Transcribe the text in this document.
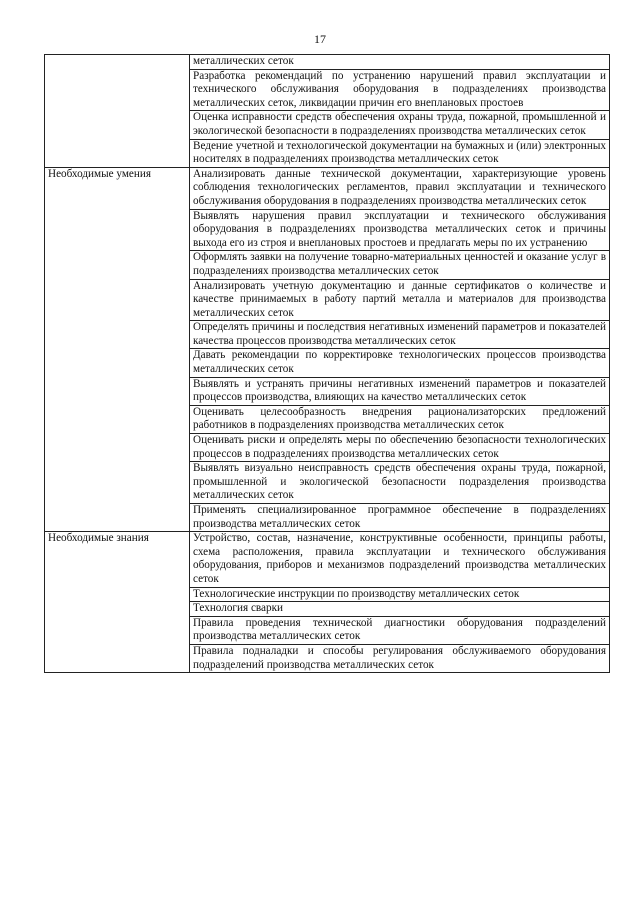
17
	металлических сеток
	Разработка рекомендаций по устранению нарушений правил эксплуатации и технического обслуживания оборудования в подразделениях производства металлических сеток, ликвидации причин его внеплановых простоев
	Оценка исправности средств обеспечения охраны труда, пожарной, промышленной и экологической безопасности в подразделениях производства металлических сеток
	Ведение учетной и технологической документации на бумажных и (или) электронных носителях в подразделениях производства металлических сеток
Необходимые умения	Анализировать данные технической документации, характеризующие уровень соблюдения технологических регламентов, правил эксплуатации и технического обслуживания оборудования в подразделениях производства металлических сеток
	Выявлять нарушения правил эксплуатации и технического обслуживания оборудования в подразделениях производства металлических сеток и причины выхода его из строя и внеплановых простоев и предлагать меры по их устранению
	Оформлять заявки на получение товарно-материальных ценностей и оказание услуг в подразделениях производства металлических сеток
	Анализировать учетную документацию и данные сертификатов о количестве и качестве принимаемых в работу партий металла и материалов для производства металлических сеток
	Определять причины и последствия негативных изменений параметров и показателей качества процессов производства металлических сеток
	Давать рекомендации по корректировке технологических процессов производства металлических сеток
	Выявлять и устранять причины негативных изменений параметров и показателей процессов производства, влияющих на качество металлических сеток
	Оценивать целесообразность внедрения рационализаторских предложений работников в подразделениях производства металлических сеток
	Оценивать риски и определять меры по обеспечению безопасности технологических процессов в подразделениях производства металлических сеток
	Выявлять визуально неисправность средств обеспечения охраны труда, пожарной, промышленной и экологической безопасности подразделения производства металлических сеток
	Применять специализированное программное обеспечение в подразделениях производства металлических сеток
Необходимые знания	Устройство, состав, назначение, конструктивные особенности, принципы работы, схема расположения, правила эксплуатации и технического обслуживания оборудования, приборов и механизмов подразделений производства металлических сеток
	Технологические инструкции по производству металлических сеток
	Технология сварки
	Правила проведения технической диагностики оборудования подразделений производства металлических сеток
	Правила подналадки и способы регулирования обслуживаемого оборудования подразделений производства металлических сеток
